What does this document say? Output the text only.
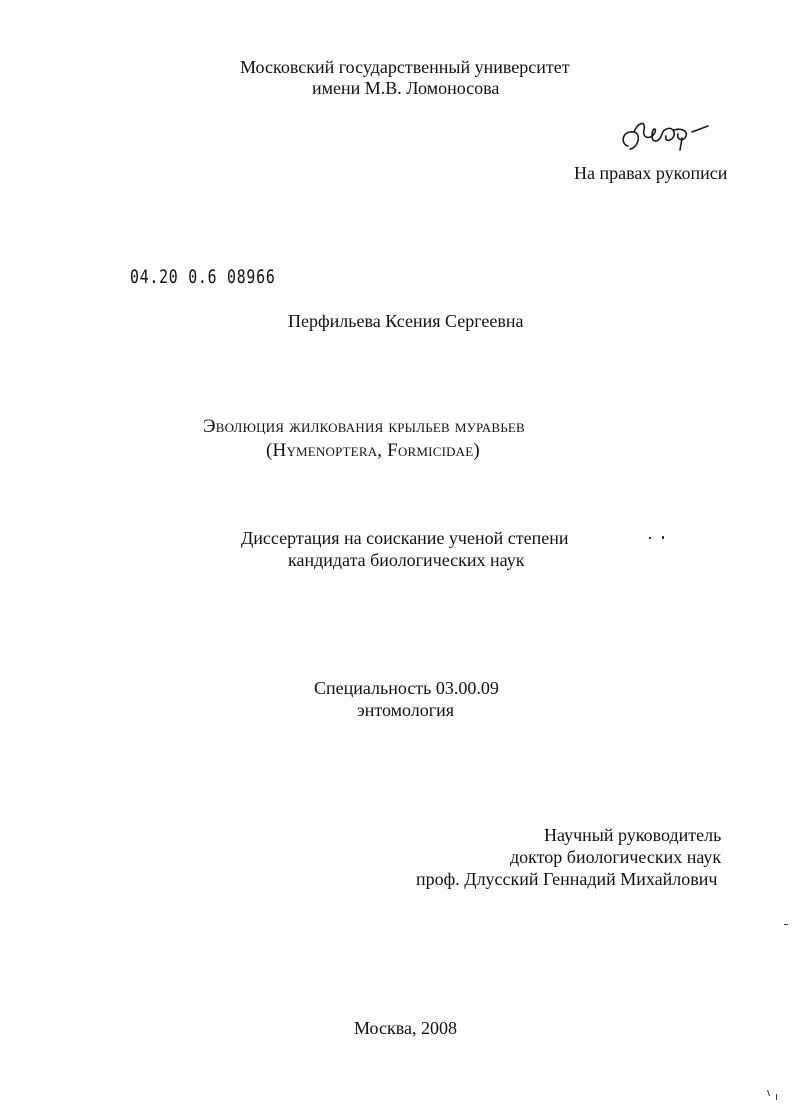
Московский государственный университет
имени М.В. Ломоносова
На правах рукописи
04.20 0.6 08966
Перфильева Ксения Сергеевна
Эволюция жилкования крыльев муравьев
(Hymenoptera, Formicidae)
Диссертация на соискание ученой степени
кандидата биологических наук
Специальность 03.00.09
энтомология
Научный руководитель
доктор биологических наук
проф. Длусский Геннадий Михайлович
Москва, 2008
